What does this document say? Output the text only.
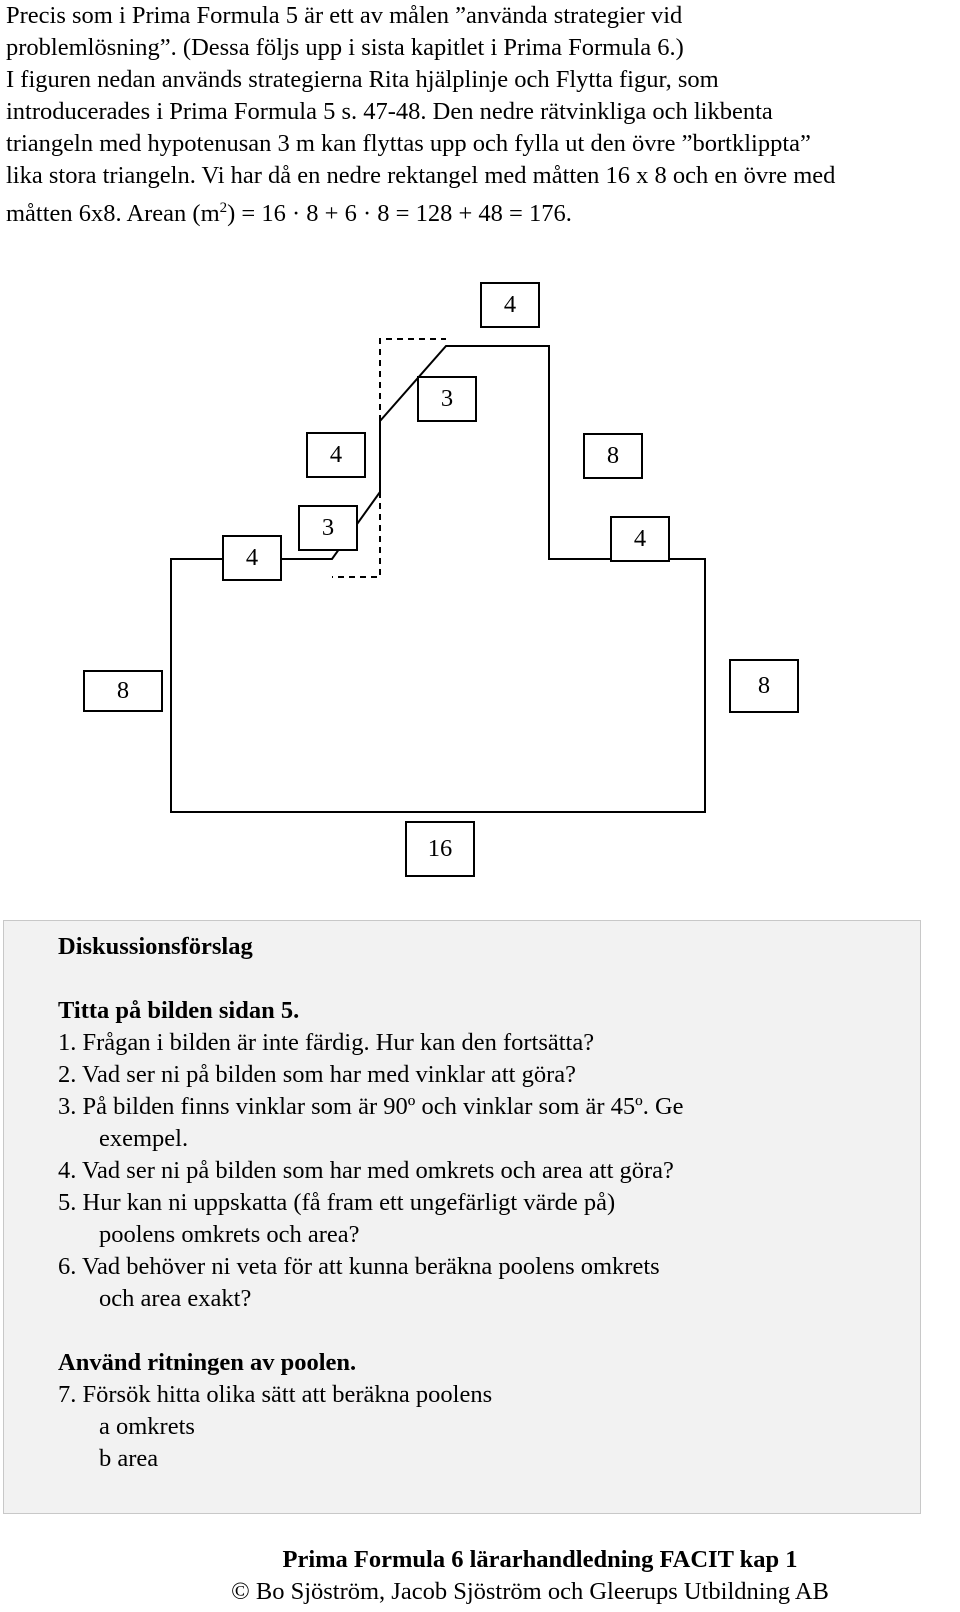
Precis som i Prima Formula 5 är ett av målen ”använda strategier vid
problemlösning”. (Dessa följs upp i sista kapitlet i Prima Formula 6.)
I figuren nedan används strategierna Rita hjälplinje och Flytta figur, som
introducerades i Prima Formula 5 s. 47-48. Den nedre rätvinkliga och likbenta
triangeln med hypotenusan 3 m kan flyttas upp och fylla ut den övre ”bortklippta”
lika stora triangeln. Vi har då en nedre rektangel med måtten 16 x 8 och en övre med
måtten 6x8. Arean $(m^2) = 16 \cdot 8 + 6 \cdot 8 = 128 + 48 = 176$.
4
3
4	8
4
3	4
8	8
16
Diskussionsförslag
Titta på bilden sidan 5.
1. Frågan i bilden är inte färdig. Hur kan den fortsätta?
2. Vad ser ni på bilden som har med vinklar att göra?
3. På bilden finns vinklar som är 90º och vinklar som är 45º. Ge
exempel.
4. Vad ser ni på bilden som har med omkrets och area att göra?
5. Hur kan ni uppskatta (få fram ett ungefärligt värde på)
poolens omkrets och area?
6. Vad behöver ni veta för att kunna beräkna poolens omkrets
och area exakt?
Använd ritningen av poolen.
7. Försök hitta olika sätt att beräkna poolens
a omkrets
b area
Prima Formula 6 lärarhandledning FACIT kap 1
© Bo Sjöström, Jacob Sjöström och Gleerups Utbildning AB
